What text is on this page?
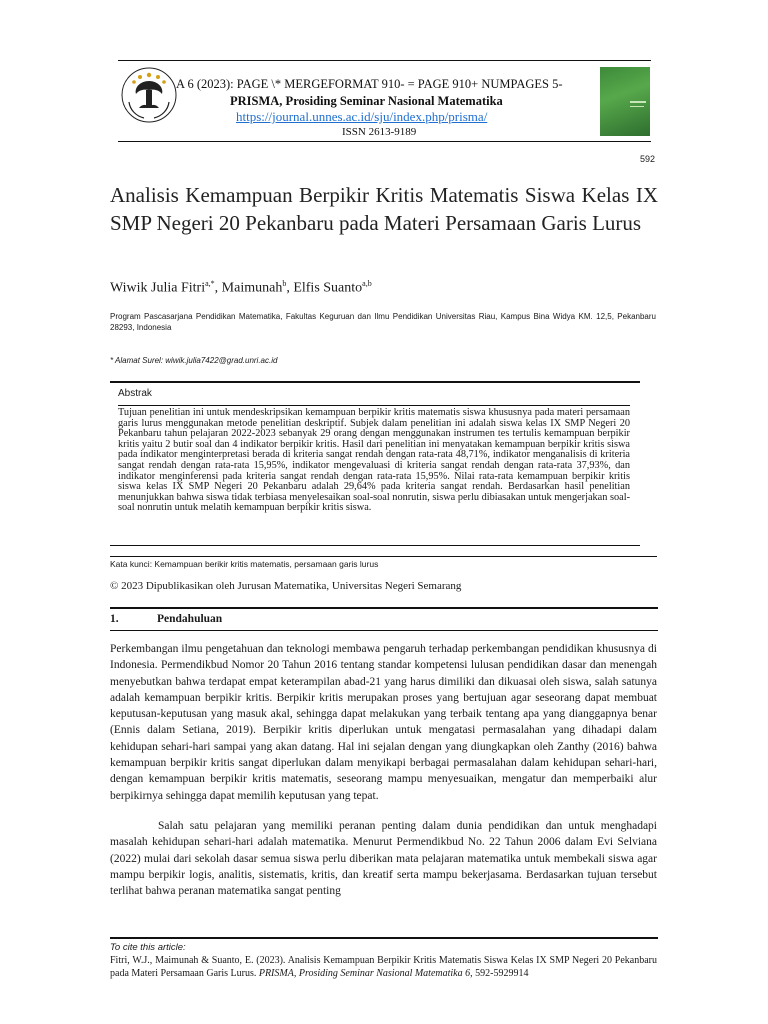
A 6 (2023): PAGE \* MERGEFORMAT 910- = PAGE 910+ NUMPAGES 5-
PRISMA, Prosiding Seminar Nasional Matematika
https://journal.unnes.ac.id/sju/index.php/prisma/
ISSN 2613-9189
592
Analisis Kemampuan Berpikir Kritis Matematis Siswa Kelas IX SMP Negeri 20 Pekanbaru pada Materi Persamaan Garis Lurus
Wiwik Julia Fitri$^{a,*}$, Maimunah$^b$, Elfis Suanto$^{a,b}$
Program Pascasarjana Pendidikan Matematika, Fakultas Keguruan dan Ilmu Pendidikan Universitas Riau, Kampus Bina Widya KM. 12,5, Pekanbaru 28293, Indonesia
* Alamat Surel: wiwik.julia7422@grad.unri.ac.id
Abstrak
Tujuan penelitian ini untuk mendeskripsikan kemampuan berpikir kritis matematis siswa khususnya pada materi persamaan garis lurus menggunakan metode penelitian deskriptif. Subjek dalam penelitian ini adalah siswa kelas IX SMP Negeri 20 Pekanbaru tahun pelajaran 2022-2023 sebanyak 29 orang dengan menggunakan instrumen tes tertulis kemampuan berpikir kritis yaitu 2 butir soal dan 4 indikator berpikir kritis. Hasil dari penelitian ini menyatakan kemampuan berpikir kritis siswa pada indikator menginterpretasi berada di kriteria sangat rendah dengan rata-rata 48,71%, indikator menganalisis di kriteria sangat rendah dengan rata-rata 15,95%, indikator mengevaluasi di kriteria sangat rendah dengan rata-rata 37,93%, dan indikator menginferensi pada kriteria sangat rendah dengan rata-rata 15,95%. Nilai rata-rata kemampuan berpikir kritis siswa kelas IX SMP Negeri 20 Pekanbaru adalah 29,64% pada kriteria sangat rendah. Berdasarkan hasil penelitian menunjukkan bahwa siswa tidak terbiasa menyelesaikan soal-soal nonrutin, siswa perlu dibiasakan untuk mengerjakan soal-soal nonrutin untuk melatih kemampuan berpikir kritis siswa.
Kata kunci: Kemampuan berikir kritis matematis, persamaan garis lurus
© 2023 Dipublikasikan oleh Jurusan Matematika, Universitas Negeri Semarang
1.	Pendahuluan
Perkembangan ilmu pengetahuan dan teknologi membawa pengaruh terhadap perkembangan pendidikan khususnya di Indonesia. Permendikbud Nomor 20 Tahun 2016 tentang standar kompetensi lulusan pendidikan dasar dan menengah menyebutkan bahwa terdapat empat keterampilan abad-21 yang harus dimiliki dan dikuasai oleh siswa, salah satunya adalah kemampuan berpikir kritis. Berpikir kritis merupakan proses yang bertujuan agar seseorang dapat membuat keputusan-keputusan yang masuk akal, sehingga dapat melakukan yang terbaik tentang apa yang dianggapnya benar (Ennis dalam Setiana, 2019). Berpikir kritis diperlukan untuk mengatasi permasalahan yang dihadapi dalam kehidupan sehari-hari sampai yang akan datang. Hal ini sejalan dengan yang diungkapkan oleh Zanthy (2016) bahwa kemampuan berpikir kritis sangat diperlukan dalam menyikapi berbagai permasalahan dalam kehidupan sehari-hari, dengan kemampuan berpikir kritis matematis, seseorang mampu menyesuaikan, mengatur dan memperbaiki alur berpikirnya sehingga dapat memilih keputusan yang tepat.
Salah satu pelajaran yang memiliki peranan penting dalam dunia pendidikan dan untuk menghadapi masalah kehidupan sehari-hari adalah matematika. Menurut Permendikbud No. 22 Tahun 2006 dalam Evi Selviana (2022) mulai dari sekolah dasar semua siswa perlu diberikan mata pelajaran matematika untuk membekali siswa agar mampu berpikir logis, analitis, sistematis, kritis, dan kreatif serta mampu bekerjasama. Berdasarkan tujuan tersebut terlihat bahwa peranan matematika sangat penting
To cite this article:
Fitri, W.J., Maimunah & Suanto, E. (2023). Analisis Kemampuan Berpikir Kritis Matematis Siswa Kelas IX SMP Negeri 20 Pekanbaru pada Materi Persamaan Garis Lurus. PRISMA, Prosiding Seminar Nasional Matematika 6, 592-5929914
